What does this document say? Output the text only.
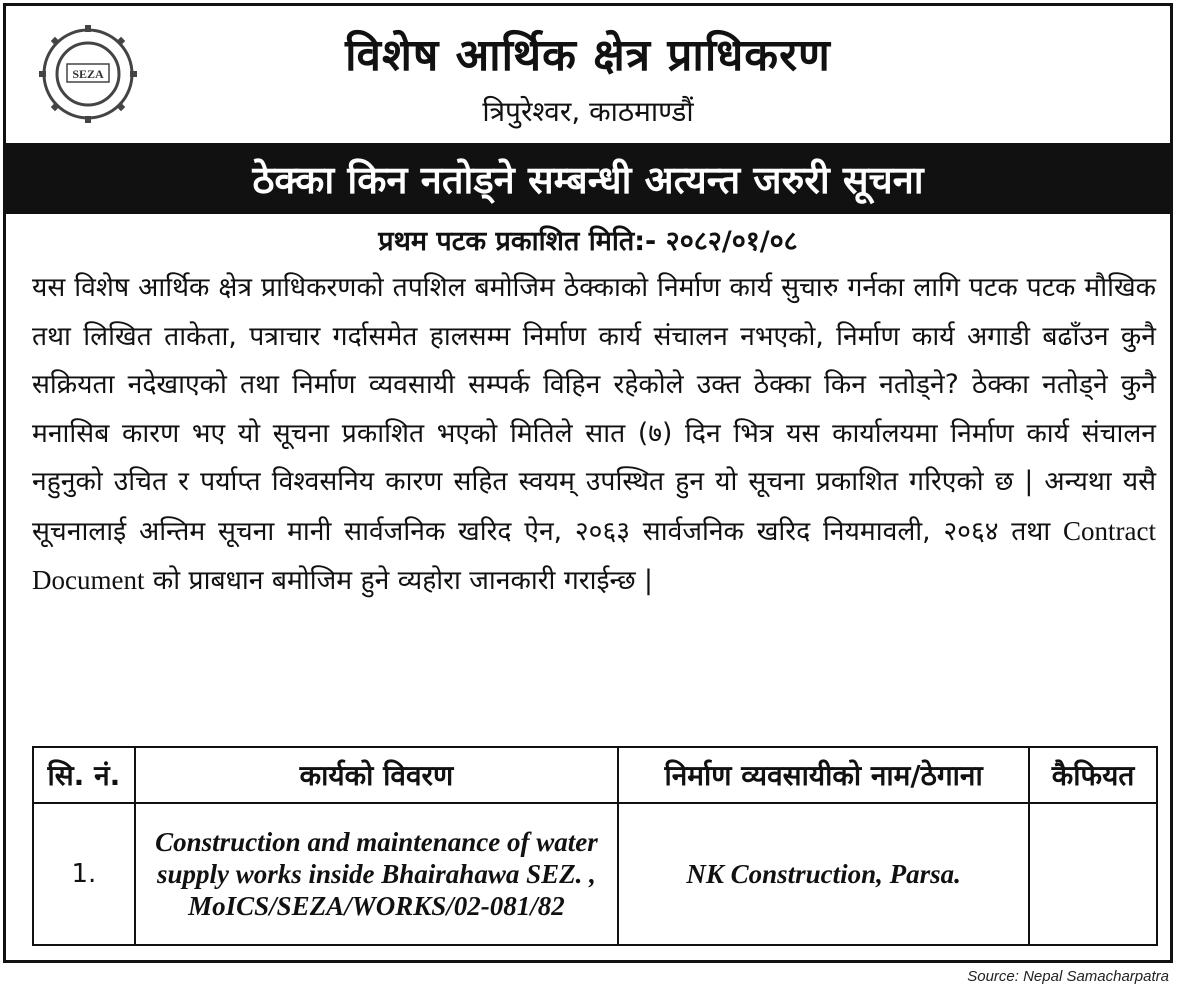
SEZA	विशेष आर्थिक क्षेत्र प्राधिकरण
त्रिपुरेश्वर, काठमाण्डौं
ठेक्का किन नतोड्ने सम्बन्धी अत्यन्त जरुरी सूचना
प्रथम पटक प्रकाशित मिति:- २०८२/०१/०८
यस विशेष आर्थिक क्षेत्र प्राधिकरणको तपशिल बमोजिम ठेक्काको निर्माण कार्य सुचारु गर्नका लागि पटक पटक मौखिक तथा लिखित ताकेता, पत्राचार गर्दासमेत हालसम्म निर्माण कार्य संचालन नभएको, निर्माण कार्य अगाडी बढाँउन कुनै सक्रियता नदेखाएको तथा निर्माण व्यवसायी सम्पर्क विहिन रहेकोले उक्त ठेक्का किन नतोड्ने? ठेक्का नतोड्ने कुनै मनासिब कारण भए यो सूचना प्रकाशित भएको मितिले सात (७) दिन भित्र यस कार्यालयमा निर्माण कार्य संचालन नहुनुको उचित र पर्याप्त विश्वसनिय कारण सहित स्वयम् उपस्थित हुन यो सूचना प्रकाशित गरिएको छ | अन्यथा यसै सूचनालाई अन्तिम सूचना मानी सार्वजनिक खरिद ऐन, २०६३ सार्वजनिक खरिद नियमावली, २०६४ तथा Contract Document को प्राबधान बमोजिम हुने व्यहोरा जानकारी गराईन्छ |
सि. नं.	कार्यको विवरण	निर्माण व्यवसायीको नाम/ठेगाना	कैफियत
1.	Construction and maintenance of water supply works inside Bhairahawa SEZ. , MoICS/SEZA/WORKS/02-081/82	NK Construction, Parsa.	
Source: Nepal Samacharpatra
